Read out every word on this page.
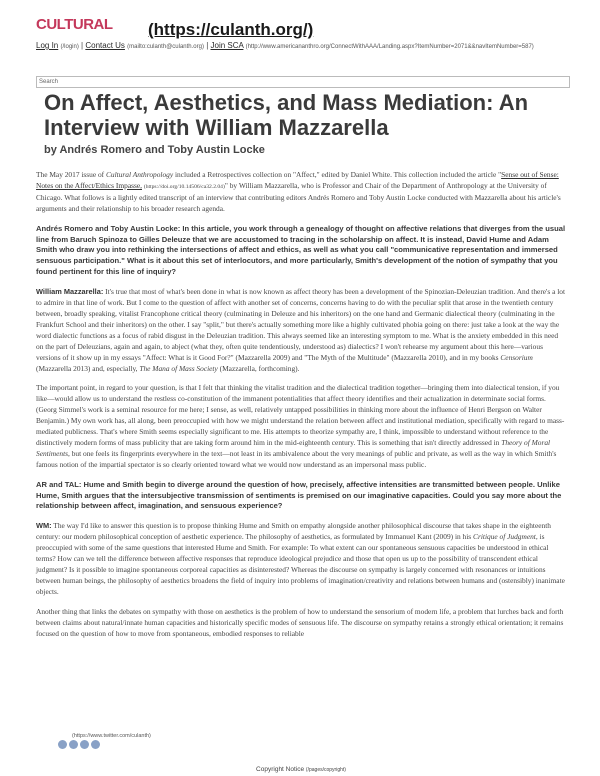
CULTURAL (https://culanth.org/)
Log In (/login) | Contact Us (mailto:culanth@culanth.org) | Join SCA (http://www.americananthro.org/ConnectWithAAA/Landing.aspx?ItemNumber=2071&&navItemNumber=587)
Search
On Affect, Aesthetics, and Mass Mediation: An Interview with William Mazzarella
by Andrés Romero and Toby Austin Locke

The May 2017 issue of Cultural Anthropology included a Retrospectives collection on "Affect," edited by Daniel White. This collection included the article "Sense out of Sense: Notes on the Affect/Ethics Impasse, (https://doi.org/10.14506/ca32.2.04)" by William Mazzarella, who is Professor and Chair of the Department of Anthropology at the University of Chicago. What follows is a lightly edited transcript of an interview that contributing editors Andrés Romero and Toby Austin Locke conducted with Mazzarella about his article's arguments and their relationship to his broader research agenda.

Andrés Romero and Toby Austin Locke: In this article, you work through a genealogy of thought on affective relations that diverges from the usual line from Baruch Spinoza to Gilles Deleuze that we are accustomed to tracing in the scholarship on affect. It is instead, David Hume and Adam Smith who draw you into rethinking the intersections of affect and ethics, as well as what you call "communicative representation and immersed sensuous participation." What is it about this set of interlocutors, and more particularly, Smith's development of the notion of sympathy that you found pertinent for this line of inquiry?

William Mazzarella: It's true that most of what's been done in what is now known as affect theory has been a development of the Spinozian-Deleuzian tradition. And there's a lot to admire in that line of work. But I come to the question of affect with another set of concerns, concerns having to do with the peculiar split that arose in the twentieth century between, broadly speaking, vitalist Francophone critical theory (culminating in Deleuze and his inheritors) on the one hand and Germanic dialectical theory (culminating in the Frankfurt School and their inheritors) on the other. I say "split," but there's actually something more like a highly cultivated phobia going on there: just take a look at the way the word dialectic functions as a focus of rabid disgust in the Deleuzian tradition. This always seemed like an interesting symptom to me. What is the anxiety embedded in this need on the part of Deleuzians, again and again, to abject (what they, often quite tendentiously, understood as) dialectics? I won't rehearse my argument about this here—various versions of it show up in my essays "Affect: What is it Good For?" (Mazzarella 2009) and "The Myth of the Multitude" (Mazzarella 2010), and in my books Censorium (Mazzarella 2013) and, especially, The Mana of Mass Society (Mazzarella, forthcoming).

The important point, in regard to your question, is that I felt that thinking the vitalist tradition and the dialectical tradition together—bringing them into dialectical tension, if you like—would allow us to understand the restless co-constitution of the immanent potentialities that affect theory identifies and their actualization in determinate social forms. (Georg Simmel's work is a seminal resource for me here; I sense, as well, relatively untapped possibilities in thinking more about the influence of Henri Bergson on Walter Benjamin.) My own work has, all along, been preoccupied with how we might understand the relation between affect and institutional mediation, specifically with regard to mass-mediated publicness. That's where Smith seems especially significant to me. His attempts to theorize sympathy are, I think, impossible to understand without reference to the distinctively modern forms of mass publicity that are taking form around him in the mid-eighteenth century. This is something that isn't directly addressed in Theory of Moral Sentiments, but one feels its fingerprints everywhere in the text—not least in its ambivalence about the very meanings of public and private, as well as the way in which Smith's famous notion of the impartial spectator is so clearly oriented toward what we would now understand as an impersonal mass public.

AR and TAL: Hume and Smith begin to diverge around the question of how, precisely, affective intensities are transmitted between people. Unlike Hume, Smith argues that the intersubjective transmission of sentiments is premised on our imaginative capacities. Could you say more about the relationship between affect, imagination, and sensuous experience?

WM: The way I'd like to answer this question is to propose thinking Hume and Smith on empathy alongside another philosophical discourse that takes shape in the eighteenth century: our modern philosophical conception of aesthetic experience. The philosophy of aesthetics, as formulated by Immanuel Kant (2009) in his Critique of Judgment, is preoccupied with some of the same questions that interested Hume and Smith. For example: To what extent can our spontaneous sensuous capacities be understood in ethical terms? How can we tell the difference between affective responses that reproduce ideological prejudice and those that open us up to the possibility of transcendent ethical judgment? Is it possible to imagine spontaneous corporeal capacities as disinterested? Whereas the discourse on sympathy is largely concerned with resonances or intuitions between human beings, the philosophy of aesthetics broadens the field of inquiry into problems of imagination/creativity and relations between humans and (ostensibly) inanimate objects.

Another thing that links the debates on sympathy with those on aesthetics is the problem of how to understand the sensorium of modern life, a problem that lurches back and forth between claims about natural/innate human capacities and historically specific modes of sensuous life. The discourse on sympathy retains a strongly ethical orientation; it remains focused on the question of how to move from spontaneous, embodied responses to reliable

(https://www.twitter.com/culanth)
Copyright Notice (/pages/copyright)
